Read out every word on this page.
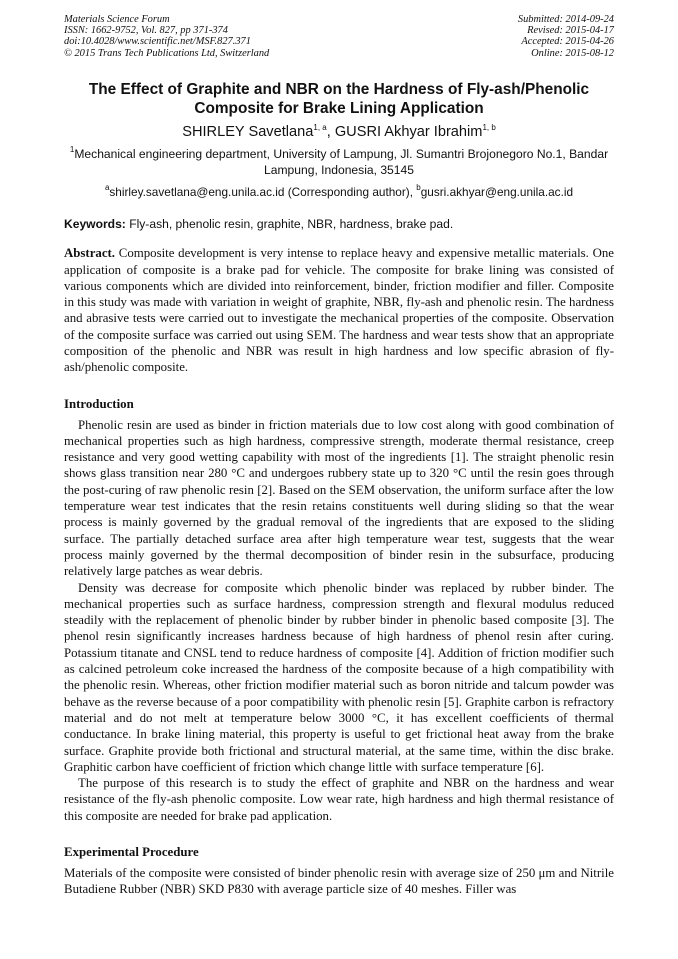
Materials Science Forum
ISSN: 1662-9752, Vol. 827, pp 371-374
doi:10.4028/www.scientific.net/MSF.827.371
© 2015 Trans Tech Publications Ltd, Switzerland
Submitted: 2014-09-24
Revised: 2015-04-17
Accepted: 2015-04-26
Online: 2015-08-12
The Effect of Graphite and NBR on the Hardness of Fly-ash/Phenolic Composite for Brake Lining Application
SHIRLEY Savetlana$^{1, a}$, GUSRI Akhyar Ibrahim$^{1, b}$
$^1$Mechanical engineering department, University of Lampung, Jl. Sumantri Brojonegoro No.1, Bandar Lampung, Indonesia, 35145
$^a$shirley.savetlana@eng.unila.ac.id (Corresponding author), $^b$gusri.akhyar@eng.unila.ac.id
Keywords: Fly-ash, phenolic resin, graphite, NBR, hardness, brake pad.
Abstract. Composite development is very intense to replace heavy and expensive metallic materials. One application of composite is a brake pad for vehicle. The composite for brake lining was consisted of various components which are divided into reinforcement, binder, friction modifier and filler. Composite in this study was made with variation in weight of graphite, NBR, fly-ash and phenolic resin. The hardness and abrasive tests were carried out to investigate the mechanical properties of the composite. Observation of the composite surface was carried out using SEM. The hardness and wear tests show that an appropriate composition of the phenolic and NBR was result in high hardness and low specific abrasion of fly-ash/phenolic composite.
Introduction

Phenolic resin are used as binder in friction materials due to low cost along with good combination of mechanical properties such as high hardness, compressive strength, moderate thermal resistance, creep resistance and very good wetting capability with most of the ingredients [1]. The straight phenolic resin shows glass transition near 280 °C and undergoes rubbery state up to 320 °C until the resin goes through the post-curing of raw phenolic resin [2]. Based on the SEM observation, the uniform surface after the low temperature wear test indicates that the resin retains constituents well during sliding so that the wear process is mainly governed by the gradual removal of the ingredients that are exposed to the sliding surface. The partially detached surface area after high temperature wear test, suggests that the wear process mainly governed by the thermal decomposition of binder resin in the subsurface, producing relatively large patches as wear debris.

Density was decrease for composite which phenolic binder was replaced by rubber binder. The mechanical properties such as surface hardness, compression strength and flexural modulus reduced steadily with the replacement of phenolic binder by rubber binder in phenolic based composite [3]. The phenol resin significantly increases hardness because of high hardness of phenol resin after curing. Potassium titanate and CNSL tend to reduce hardness of composite [4]. Addition of friction modifier such as calcined petroleum coke increased the hardness of the composite because of a high compatibility with the phenolic resin. Whereas, other friction modifier material such as boron nitride and talcum powder was behave as the reverse because of a poor compatibility with phenolic resin [5]. Graphite carbon is refractory material and do not melt at temperature below 3000 °C, it has excellent coefficients of thermal conductance. In brake lining material, this property is useful to get frictional heat away from the brake surface. Graphite provide both frictional and structural material, at the same time, within the disc brake. Graphitic carbon have coefficient of friction which change little with surface temperature [6].

The purpose of this research is to study the effect of graphite and NBR on the hardness and wear resistance of the fly-ash phenolic composite. Low wear rate, high hardness and high thermal resistance of this composite are needed for brake pad application.

Experimental Procedure

Materials of the composite were consisted of binder phenolic resin with average size of 250 μm and Nitrile Butadiene Rubber (NBR) SKD P830 with average particle size of 40 meshes. Filler was
